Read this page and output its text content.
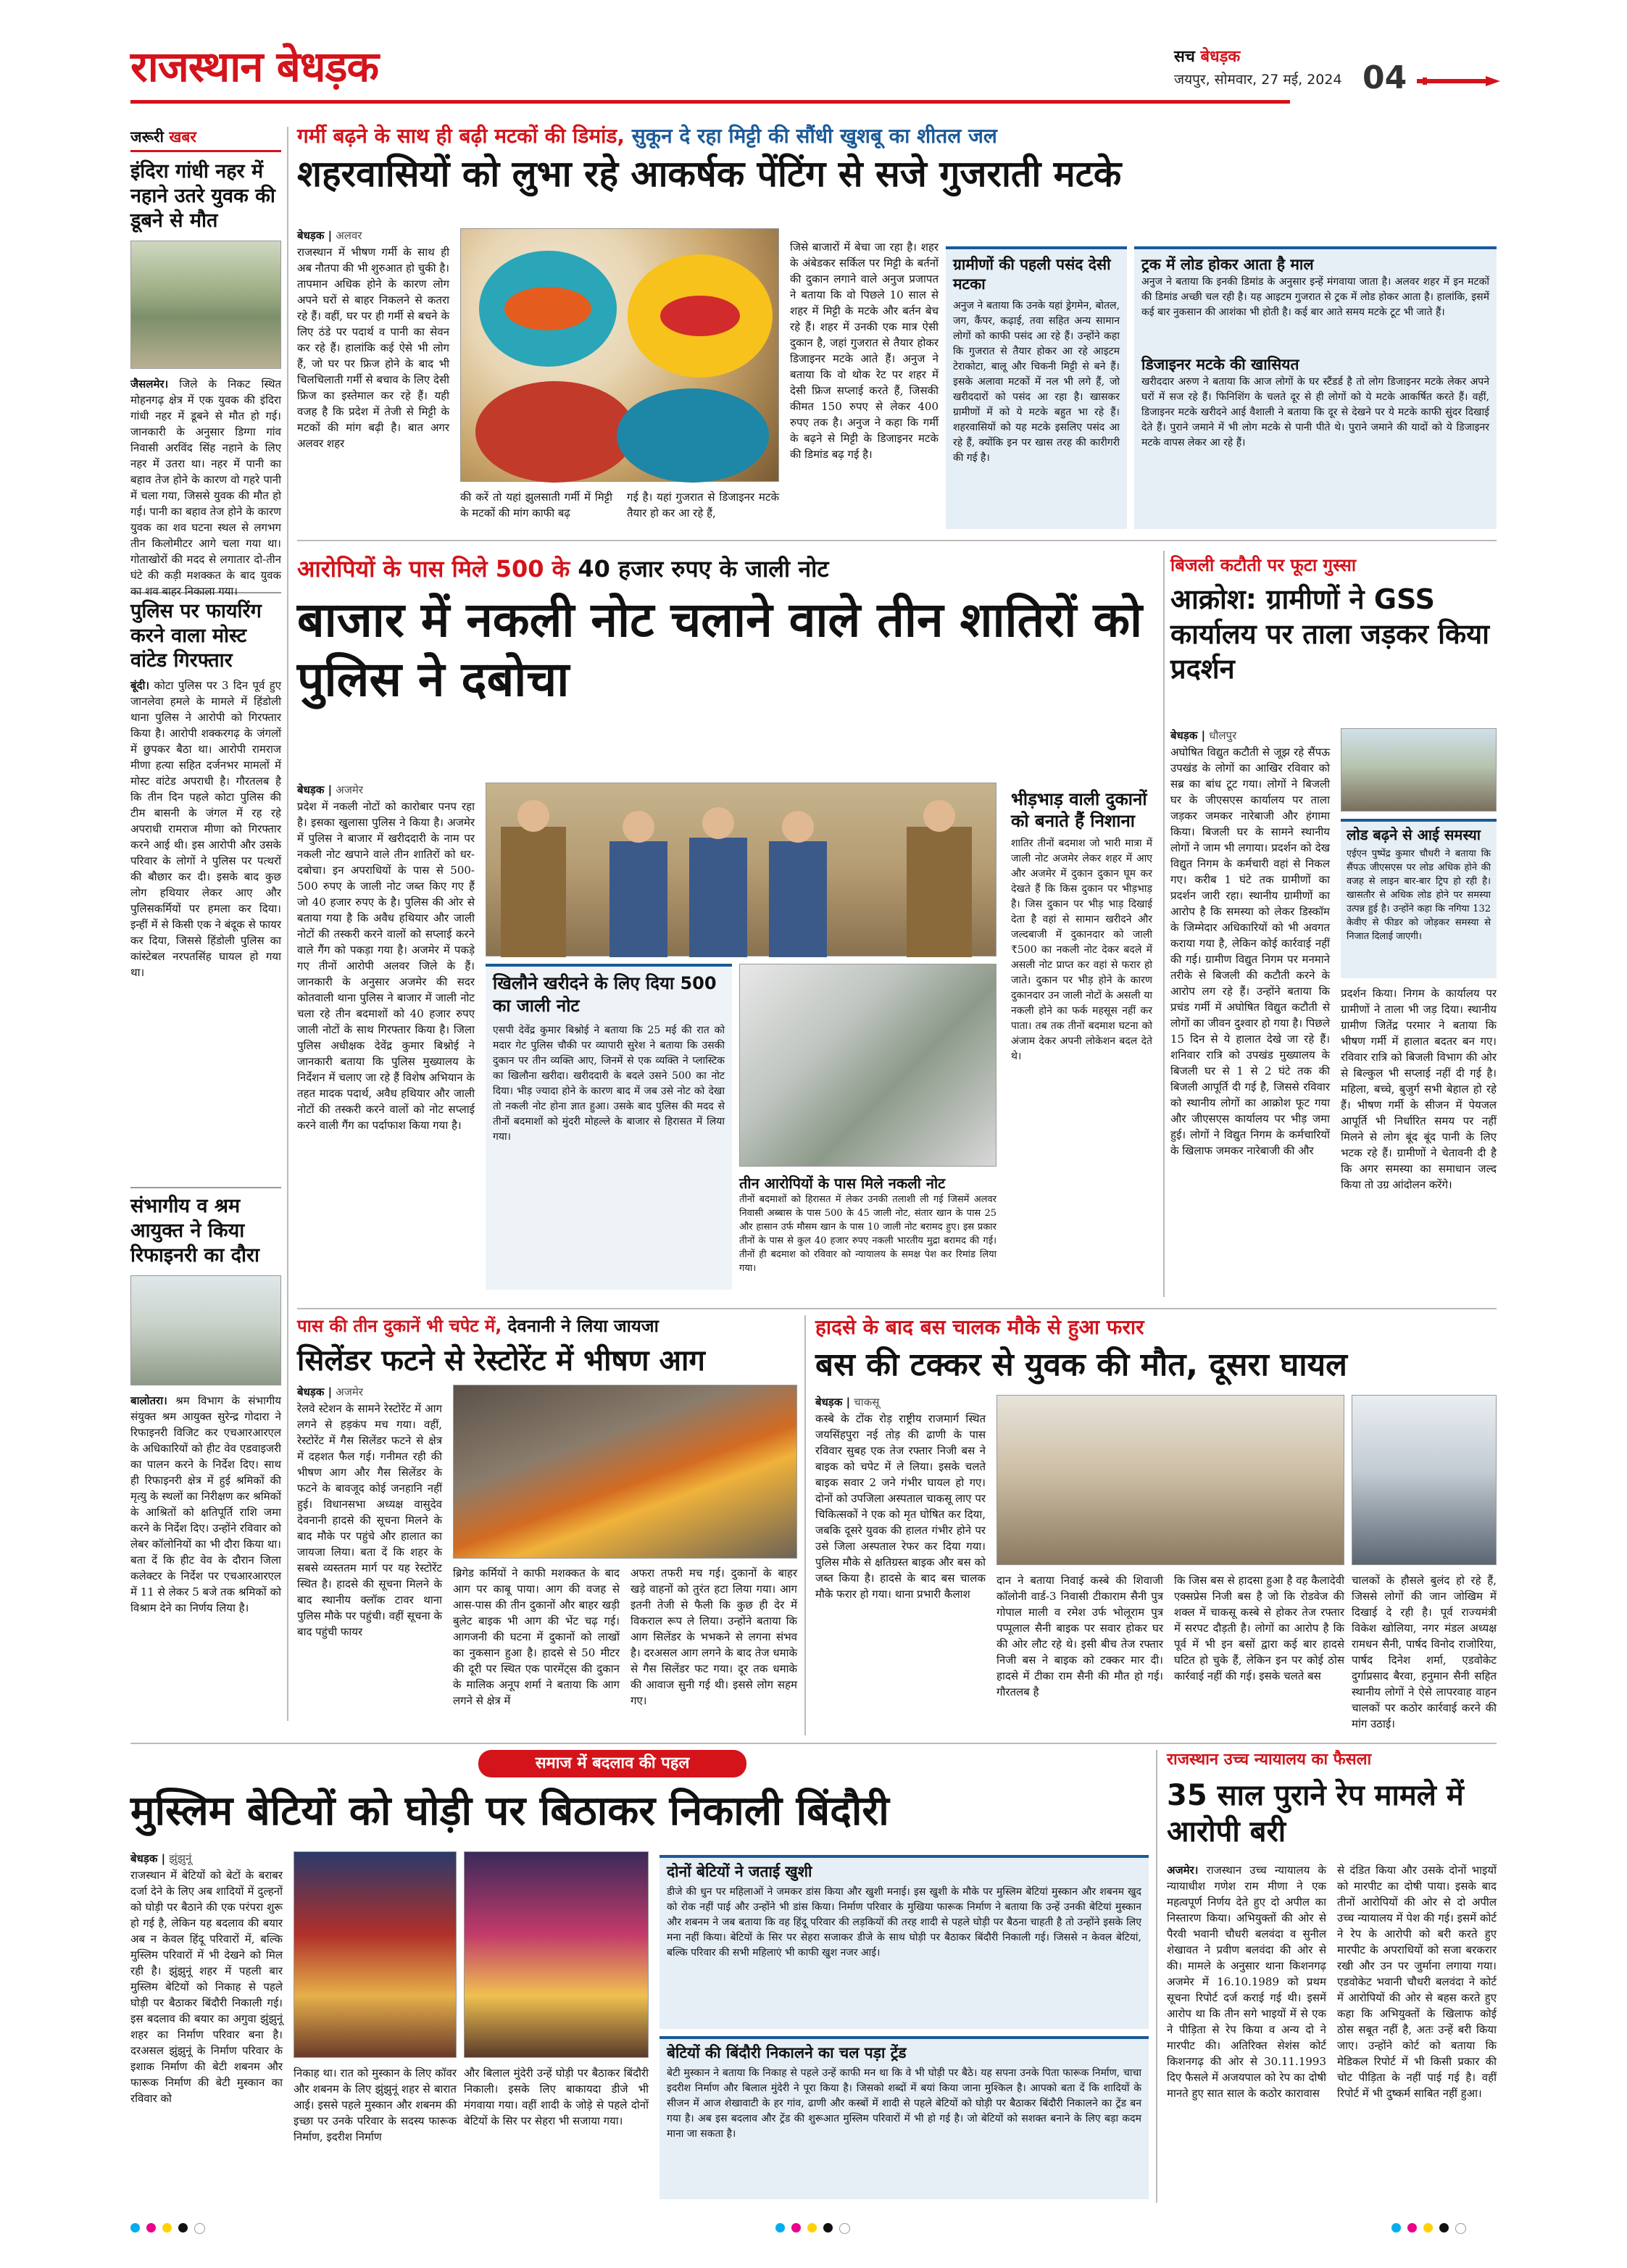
राजस्थान बेधड़क	सच बेधड़क
जयपुर, सोमवार, 27 मई, 2024 04
जरूरी खबर
इंदिरा गांधी नहर में नहाने उतरे युवक की डूबने से मौत

जैसलमेर। जिले के निकट स्थित मोहनगढ़ क्षेत्र में एक युवक की इंदिरा गांधी नहर में डूबने से मौत हो गई। जानकारी के अनुसार डिग्गा गांव निवासी अरविंद सिंह नहाने के लिए नहर में उतरा था। नहर में पानी का बहाव तेज होने के कारण वो गहरे पानी में चला गया, जिससे युवक की मौत हो गई। पानी का बहाव तेज होने के कारण युवक का शव घटना स्थल से लगभग तीन किलोमीटर आगे चला गया था। गोताखोरों की मदद से लगातार दो-तीन घंटे की कड़ी मशक्कत के बाद युवक का शव बाहर निकाला गया।

पुलिस पर फायरिंग करने वाला मोस्ट वांटेड गिरफ्तार

बूंदी। कोटा पुलिस पर 3 दिन पूर्व हुए जानलेवा हमले के मामले में हिंडोली थाना पुलिस ने आरोपी को गिरफ्तार किया है। आरोपी शक्करगढ़ के जंगलों में छुपकर बैठा था। आरोपी रामराज मीणा हत्या सहित दर्जनभर मामलों में मोस्ट वांटेड अपराधी है। गौरतलब है कि तीन दिन पहले कोटा पुलिस की टीम बासनी के जंगल में रह रहे अपराधी रामराज मीणा को गिरफ्तार करने आई थी। इस आरोपी और उसके परिवार के लोगों ने पुलिस पर पत्थरों की बौछार कर दी। इसके बाद कुछ लोग हथियार लेकर आए और पुलिसकर्मियों पर हमला कर दिया। इन्हीं में से किसी एक ने बंदूक से फायर कर दिया, जिससे हिंडोली पुलिस का कांस्टेबल नरपतसिंह घायल हो गया था।

संभागीय व श्रम आयुक्त ने किया रिफाइनरी का दौरा

बालोतरा। श्रम विभाग के संभागीय संयुक्त श्रम आयुक्त सुरेन्द्र गोदारा ने रिफाइनरी विजिट कर एचआरआरएल के अधिकारियों को हीट वेव एडवाइजरी का पालन करने के निर्देश दिए। साथ ही रिफाइनरी क्षेत्र में हुई श्रमिकों की मृत्यु के स्थलों का निरीक्षण कर श्रमिकों के आश्रितों को क्षतिपूर्ति राशि जमा करने के निर्देश दिए। उन्होंने रविवार को लेबर कॉलोनियों का भी दौरा किया था। बता दें कि हीट वेव के दौरान जिला कलेक्टर के निर्देश पर एचआरआरएल में 11 से लेकर 5 बजे तक श्रमिकों को विश्राम देने का निर्णय लिया है।

गर्मी बढ़ने के साथ ही बढ़ी मटकों की डिमांड, सुकून दे रहा मिट्टी की सौंधी खुशबू का शीतल जल
शहरवासियों को लुभा रहे आकर्षक पेंटिंग से सजे गुजराती मटके
बेधड़क | अलवर

राजस्थान में भीषण गर्मी के साथ ही अब नौतपा की भी शुरुआत हो चुकी है। तापमान अधिक होने के कारण लोग अपने घरों से बाहर निकलने से कतरा रहे हैं। वहीं, घर पर ही गर्मी से बचने के लिए ठंडे पर पदार्थ व पानी का सेवन कर रहे हैं। हालांकि कई ऐसे भी लोग हैं, जो घर पर फ्रिज होने के बाद भी चिलचिलाती गर्मी से बचाव के लिए देसी फ्रिज का इस्तेमाल कर रहे हैं। यही वजह है कि प्रदेश में तेजी से मिट्टी के मटकों की मांग बढ़ी है। बात अगर अलवर शहर

की करें तो यहां झुलसाती गर्मी में मिट्टी के मटकों की मांग काफी बढ़

गई है। यहां गुजरात से डिजाइनर मटके तैयार हो कर आ रहे हैं,

जिसे बाजारों में बेचा जा रहा है। शहर के अंबेडकर सर्किल पर मिट्टी के बर्तनों की दुकान लगाने वाले अनुज प्रजापत ने बताया कि वो पिछले 10 साल से शहर में मिट्टी के मटके और बर्तन बेच रहे हैं। शहर में उनकी एक मात्र ऐसी दुकान है, जहां गुजरात से तैयार होकर डिजाइनर मटके आते हैं। अनुज ने बताया कि वो थोक रेट पर शहर में देसी फ्रिज सप्लाई करते हैं, जिसकी कीमत 150 रुपए से लेकर 400 रुपए तक है। अनुज ने कहा कि गर्मी के बढ़ने से मिट्टी के डिजाइनर मटके की डिमांड बढ़ गई है।

ग्रामीणों की पहली पसंद देसी मटका

अनुज ने बताया कि उनके यहां ड्रेगमेन, बोतल, जग, कैंपर, कढ़ाई, तवा सहित अन्य सामान लोगों को काफी पसंद आ रहे हैं। उन्होंने कहा कि गुजरात से तैयार होकर आ रहे आइटम टेराकोटा, बालू और चिकनी मिट्टी से बने हैं। इसके अलावा मटकों में नल भी लगे हैं, जो खरीददारों को पसंद आ रहा है। खासकर ग्रामीणों में को ये मटके बहुत भा रहे हैं। शहरवासियों को यह मटके इसलिए पसंद आ रहे हैं, क्योंकि इन पर खास तरह की कारीगरी की गई है।

ट्रक में लोड होकर आता है माल

अनुज ने बताया कि इनकी डिमांड के अनुसार इन्हें मंगवाया जाता है। अलवर शहर में इन मटकों की डिमांड अच्छी चल रही है। यह आइटम गुजरात से ट्रक में लोड होकर आता है। हालांकि, इसमें कई बार नुकसान की आशंका भी होती है। कई बार आते समय मटके टूट भी जाते हैं।

डिजाइनर मटके की खासियत

खरीददार अरुण ने बताया कि आज लोगों के घर स्टैंडर्ड है तो लोग डिजाइनर मटके लेकर अपने घरों में सज रहे हैं। फिनिशिंग के चलते दूर से ही लोगों को ये मटके आकर्षित करते हैं। वहीं, डिजाइनर मटके खरीदने आई वैशाली ने बताया कि दूर से देखने पर ये मटके काफी सुंदर दिखाई देते हैं। पुराने जमाने में भी लोग मटके से पानी पीते थे। पुराने जमाने की यादों को ये डिजाइनर मटके वापस लेकर आ रहे हैं।

आरोपियों के पास मिले 500 के 40 हजार रुपए के जाली नोट
बाजार में नकली नोट चलाने वाले तीन शातिरों को पुलिस ने दबोचा
बेधड़क | अजमेर

प्रदेश में नकली नोटों को कारोबार पनप रहा है। इसका खुलासा पुलिस ने किया है। अजमेर में पुलिस ने बाजार में खरीददारी के नाम पर नकली नोट खपाने वाले तीन शातिरों को धर-दबोचा। इन अपराधियों के पास से 500-500 रुपए के जाली नोट जब्त किए गए हैं जो 40 हजार रुपए के है। पुलिस की ओर से बताया गया है कि अवैध हथियार और जाली नोटों की तस्करी करने वालों को सप्लाई करने वाले गैंग को पकड़ा गया है। अजमेर में पकड़े गए तीनों आरोपी अलवर जिले के हैं। जानकारी के अनुसार अजमेर की सदर कोतवाली थाना पुलिस ने बाजार में जाली नोट चला रहे तीन बदमाशों को 40 हजार रुपए जाली नोटों के साथ गिरफ्तार किया है। जिला पुलिस अधीक्षक देवेंद्र कुमार बिश्नोई ने जानकारी बताया कि पुलिस मुख्यालय के निर्देशन में चलाए जा रहे हैं विशेष अभियान के तहत मादक पदार्थ, अवैध हथियार और जाली नोटों की तस्करी करने वालों को नोट सप्लाई करने वाली गैंग का पर्दाफाश किया गया है।

भीड़भाड़ वाली दुकानों को बनाते हैं निशाना

शातिर तीनों बदमाश जो भारी मात्रा में जाली नोट अजमेर लेकर शहर में आए और अजमेर में दुकान दुकान घूम कर देखते हैं कि किस दुकान पर भीड़भाड़ है। जिस दुकान पर भीड़ भाड़ दिखाई देता है वहां से सामान खरीदने और जल्दबाजी में दुकानदार को जाली ₹500 का नकली नोट देकर बदले में असली नोट प्राप्त कर वहां से फरार हो जाते। दुकान पर भीड़ होने के कारण दुकानदार उन जाली नोटों के असली या नकली होने का फर्क महसूस नहीं कर पाता। तब तक तीनों बदमाश घटना को अंजाम देकर अपनी लोकेशन बदल देते थे।

खिलौने खरीदने के लिए दिया 500 का जाली नोट

एसपी देवेंद्र कुमार बिश्नोई ने बताया कि 25 मई की रात को मदार गेट पुलिस चौकी पर व्यापारी सुरेश ने बताया कि उसकी दुकान पर तीन व्यक्ति आए, जिनमें से एक व्यक्ति ने प्लास्टिक का खिलौना खरीदा। खरीददारी के बदले उसने 500 का नोट दिया। भीड़ ज्यादा होने के कारण बाद में जब उसे नोट को देखा तो नकली नोट होना ज्ञात हुआ। उसके बाद पुलिस की मदद से तीनों बदमाशों को मुंदरी मोहल्ले के बाजार से हिरासत में लिया गया।

तीन आरोपियों के पास मिले नकली नोट

तीनों बदमाशों को हिरासत में लेकर उनकी तलाशी ली गई जिसमें अलवर निवासी अब्बास के पास 500 के 45 जाली नोट, संतार खान के पास 25 और हासान उर्फ मौसम खान के पास 10 जाली नोट बरामद हुए। इस प्रकार तीनों के पास से कुल 40 हजार रुपए नकली भारतीय मुद्रा बरामद की गई। तीनों ही बदमाश को रविवार को न्यायालय के समक्ष पेश कर रिमांड लिया गया।

बिजली कटौती पर फूटा गुस्सा
आक्रोश: ग्रामीणों ने GSS कार्यालय पर ताला जड़कर किया प्रदर्शन
बेधड़क | धौलपुर

अघोषित विद्युत कटौती से जूझ रहे सैंपऊ उपखंड के लोगों का आखिर रविवार को सब्र का बांध टूट गया। लोगों ने बिजली घर के जीएसएस कार्यालय पर ताला जड़कर जमकर नारेबाजी और हंगामा किया। बिजली घर के सामने स्थानीय लोगों ने जाम भी लगाया। प्रदर्शन को देख विद्युत निगम के कर्मचारी वहां से निकल गए। करीब 1 घंटे तक ग्रामीणों का प्रदर्शन जारी रहा। स्थानीय ग्रामीणों का आरोप है कि समस्या को लेकर डिस्कॉम के जिम्मेदार अधिकारियों को भी अवगत कराया गया है, लेकिन कोई कार्रवाई नहीं की गई। ग्रामीण विद्युत निगम पर मनमाने तरीके से बिजली की कटौती करने के आरोप लग रहे हैं। उन्होंने बताया कि प्रचंड गर्मी में अघोषित विद्युत कटौती से लोगों का जीवन दुश्वार हो गया है। पिछले 15 दिन से ये हालात देखे जा रहे हैं। शनिवार रात्रि को उपखंड मुख्यालय के बिजली घर से 1 से 2 घंटे तक की बिजली आपूर्ति दी गई है, जिससे रविवार को स्थानीय लोगों का आक्रोश फूट गया और जीएसएस कार्यालय पर भीड़ जमा हुई। लोगों ने विद्युत निगम के कर्मचारियों के खिलाफ जमकर नारेबाजी की और

लोड बढ़ने से आई समस्या

एईएन पुष्पेंद्र कुमार चौधरी ने बताया कि सैंपऊ जीएसएस पर लोड अधिक होने की वजह से लाइन बार-बार ट्रिप हो रही है। खासतौर से अधिक लोड होने पर समस्या उत्पन्न हुई है। उन्होंने कहा कि नगिया 132 केवीए से फीडर को जोड़कर समस्या से निजात दिलाई जाएगी।

प्रदर्शन किया। निगम के कार्यालय पर ग्रामीणों ने ताला भी जड़ दिया। स्थानीय ग्रामीण जितेंद्र परमार ने बताया कि भीषण गर्मी में हालात बदतर बन गए। रविवार रात्रि को बिजली विभाग की ओर से बिल्कुल भी सप्लाई नहीं दी गई है। महिला, बच्चे, बुजुर्ग सभी बेहाल हो रहे हैं। भीषण गर्मी के सीजन में पेयजल आपूर्ति भी निर्धारित समय पर नहीं मिलने से लोग बूंद बूंद पानी के लिए भटक रहे हैं। ग्रामीणों ने चेतावनी दी है कि अगर समस्या का समाधान जल्द किया तो उग्र आंदोलन करेंगे।

पास की तीन दुकानें भी चपेट में, देवनानी ने लिया जायजा
सिलेंडर फटने से रेस्टोरेंट में भीषण आग
बेधड़क | अजमेर

रेलवे स्टेशन के सामने रेस्टोरेंट में आग लगने से हड़कंप मच गया। वहीं, रेस्टोरेंट में गैस सिलेंडर फटने से क्षेत्र में दहशत फैल गई। गनीमत रही की भीषण आग और गैस सिलेंडर के फटने के बावजूद कोई जनहानि नहीं हुई। विधानसभा अध्यक्ष वासुदेव देवनानी हादसे की सूचना मिलने के बाद मौके पर पहुंचे और हालात का जायजा लिया। बता दें कि शहर के सबसे व्यस्ततम मार्ग पर यह रेस्टोरेंट स्थित है। हादसे की सूचना मिलने के बाद स्थानीय क्लॉक टावर थाना पुलिस मौके पर पहुंची। वहीं सूचना के बाद पहुंची फायर

ब्रिगेड कर्मियों ने काफी मशक्कत के बाद आग पर काबू पाया। आग की वजह से आस-पास की तीन दुकानों और बाहर खड़ी बुलेट बाइक भी आग की भेंट चढ़ गई। आगजनी की घटना में दुकानों को लाखों का नुकसान हुआ है। हादसे से 50 मीटर की दूरी पर स्थित एक पारमेंट्स की दुकान के मालिक अनूप शर्मा ने बताया कि आग लगने से क्षेत्र में

अफरा तफरी मच गई। दुकानों के बाहर खड़े वाहनों को तुरंत हटा लिया गया। आग इतनी तेजी से फैली कि कुछ ही देर में विकराल रूप ले लिया। उन्होंने बताया कि आग सिलेंडर के भभकने से लगना संभव है। दरअसल आग लगने के बाद तेज धमाके से गैस सिलेंडर फट गया। दूर तक धमाके की आवाज सुनी गई थी। इससे लोग सहम गए।

हादसे के बाद बस चालक मौके से हुआ फरार
बस की टक्कर से युवक की मौत, दूसरा घायल
बेधड़क | चाकसू

कस्बे के टोंक रोड़ राष्ट्रीय राजमार्ग स्थित जयसिंहपुरा नई तोड़ की ढाणी के पास रविवार सुबह एक तेज रफ्तार निजी बस ने बाइक को चपेट में ले लिया। इसके चलते बाइक सवार 2 जने गंभीर घायल हो गए। दोनों को उपजिला अस्पताल चाकसू लाए पर चिकित्सकों ने एक को मृत घोषित कर दिया, जबकि दूसरे युवक की हालत गंभीर होने पर उसे जिला अस्पताल रेफर कर दिया गया। पुलिस मौके से क्षतिग्रस्त बाइक और बस को जब्त किया है। हादसे के बाद बस चालक मौके फरार हो गया। थाना प्रभारी कैलाश

दान ने बताया निवाई कस्बे की शिवाजी कॉलोनी वार्ड-3 निवासी टीकाराम सैनी पुत्र गोपाल माली व रमेश उर्फ भोलूराम पुत्र पप्पूलाल सैनी बाइक पर सवार होकर घर की ओर लौट रहे थे। इसी बीच तेज रफ्तार निजी बस ने बाइक को टक्कर मार दी। हादसे में टीका राम सैनी की मौत हो गई। गौरतलब है

कि जिस बस से हादसा हुआ है वह कैलादेवी एक्सप्रेस निजी बस है जो कि रोडवेज की शक्ल में चाकसू कस्बे से होकर तेज रफ्तार में सरपट दौड़ती है। लोगों का आरोप है कि पूर्व में भी इन बसों द्वारा कई बार हादसे घटित हो चुके हैं, लेकिन इन पर कोई ठोस कार्रवाई नहीं की गई। इसके चलते बस

चालकों के हौसले बुलंद हो रहे हैं, जिससे लोगों की जान जोखिम में दिखाई दे रही है। पूर्व राज्यमंत्री विकेश खोलिया, नगर मंडल अध्यक्ष रामधन सैनी, पार्षद विनोद राजोरिया, पार्षद दिनेश शर्मा, एडवोकेट दुर्गाप्रसाद बैरवा, हनुमान सैनी सहित स्थानीय लोगों ने ऐसे लापरवाह वाहन चालकों पर कठोर कार्रवाई करने की मांग उठाई।

समाज में बदलाव की पहल
मुस्लिम बेटियों को घोड़ी पर बिठाकर निकाली बिंदौरी
बेधड़क | झुंझुनूं

राजस्थान में बेटियों को बेटों के बराबर दर्जा देने के लिए अब शादियों में दुल्हनों को घोड़ी पर बैठाने की एक परंपरा शुरू हो गई है, लेकिन यह बदलाव की बयार अब न केवल हिंदू परिवारों में, बल्कि मुस्लिम परिवारों में भी देखने को मिल रही है। झुंझुनूं शहर में पहली बार मुस्लिम बेटियों को निकाह से पहले घोड़ी पर बैठाकर बिंदौरी निकाली गई। इस बदलाव की बयार का अगुवा झुंझुनूं शहर का निर्माण परिवार बना है। दरअसल झुंझुनूं के निर्माण परिवार के इशाक निर्माण की बेटी शबनम और फारूक निर्माण की बेटी मुस्कान का रविवार को

निकाह था। रात को मुस्कान के लिए कॉवर और शबनम के लिए झुंझुनूं शहर से बारात आई। इससे पहले मुस्कान और शबनम की इच्छा पर उनके परिवार के सदस्य फारूक निर्माण, इदरीश निर्माण

और बिलाल मुंदेरी उन्हें घोड़ी पर बैठाकर बिंदौरी निकाली। इसके लिए बाकायदा डीजे भी मंगवाया गया। वहीं शादी के जोड़े से पहले दोनों बेटियों के सिर पर सेहरा भी सजाया गया।

दोनों बेटियों ने जताई खुशी

डीजे की धुन पर महिलाओं ने जमकर डांस किया और खुशी मनाई। इस खुशी के मौके पर मुस्लिम बेटियां मुस्कान और शबनम खुद को रोक नहीं पाई और उन्होंने भी डांस किया। निर्माण परिवार के मुखिया फारूक निर्माण ने बताया कि उन्हें उनकी बेटियां मुस्कान और शबनम ने जब बताया कि वह हिंदू परिवार की लड़कियों की तरह शादी से पहले घोड़ी पर बैठना चाहती है तो उन्होंने इसके लिए मना नहीं किया। बेटियों के सिर पर सेहरा सजाकर डीजे के साथ घोड़ी पर बैठाकर बिंदौरी निकाली गई। जिससे न केवल बेटियां, बल्कि परिवार की सभी महिलाएं भी काफी खुश नजर आई।

बेटियों की बिंदौरी निकालने का चल पड़ा ट्रेंड

बेटी मुस्कान ने बताया कि निकाह से पहले उन्हें काफी मन था कि वे भी घोड़ी पर बैठे। यह सपना उनके पिता फारूक निर्माण, चाचा इदरीश निर्माण और बिलाल मुंदेरी ने पूरा किया है। जिसको शब्दों में बयां किया जाना मुश्किल है। आपको बता दें कि शादियों के सीजन में आज शेखावाटी के हर गांव, ढाणी और कस्बों में शादी से पहले बेटियों को घोड़ी पर बैठाकर बिंदौरी निकालने का ट्रेंड बन गया है। अब इस बदलाव और ट्रेंड की शुरूआत मुस्लिम परिवारों में भी हो गई है। जो बेटियों को सशक्त बनाने के लिए बड़ा कदम माना जा सकता है।

राजस्थान उच्च न्यायालय का फैसला
35 साल पुराने रेप मामले में आरोपी बरी

अजमेर। राजस्थान उच्च न्यायालय के न्यायाधीश गणेश राम मीणा ने एक महत्वपूर्ण निर्णय देते हुए दो अपील का निस्तारण किया। अभियुक्तों की ओर से पैरवी भवानी चौधरी बलवंदा व सुनील शेखावत ने प्रवीण बलवंदा की ओर से की। मामले के अनुसार थाना किशनगढ़ अजमेर में 16.10.1989 को प्रथम सूचना रिपोर्ट दर्ज कराई गई थी। इसमें आरोप था कि तीन सगे भाइयों में से एक ने पीड़िता से रेप किया व अन्य दो ने मारपीट की। अतिरिक्त सेशंस कोर्ट किशनगढ़ की ओर से 30.11.1993 दिए फैसले में अजयपाल को रेप का दोषी मानते हुए सात साल के कठोर कारावास

से दंडित किया और उसके दोनों भाइयों को मारपीट का दोषी पाया। इसके बाद तीनों आरोपियों की ओर से दो अपील उच्च न्यायालय में पेश की गई। इसमें कोर्ट ने रेप के आरोपी को बरी करते हुए मारपीट के अपराधियों को सजा बरकरार रखी और उन पर जुर्माना लगाया गया। एडवोकेट भवानी चौधरी बलवंदा ने कोर्ट में आरोपियों की ओर से बहस करते हुए कहा कि अभियुक्तों के खिलाफ कोई ठोस सबूत नहीं है, अतः उन्हें बरी किया जाए। उन्होंने कोर्ट को बताया कि मेडिकल रिपोर्ट में भी किसी प्रकार की चोट पीड़िता के नहीं पाई गई है। वहीं रिपोर्ट में भी दुष्कर्म साबित नहीं हुआ।
